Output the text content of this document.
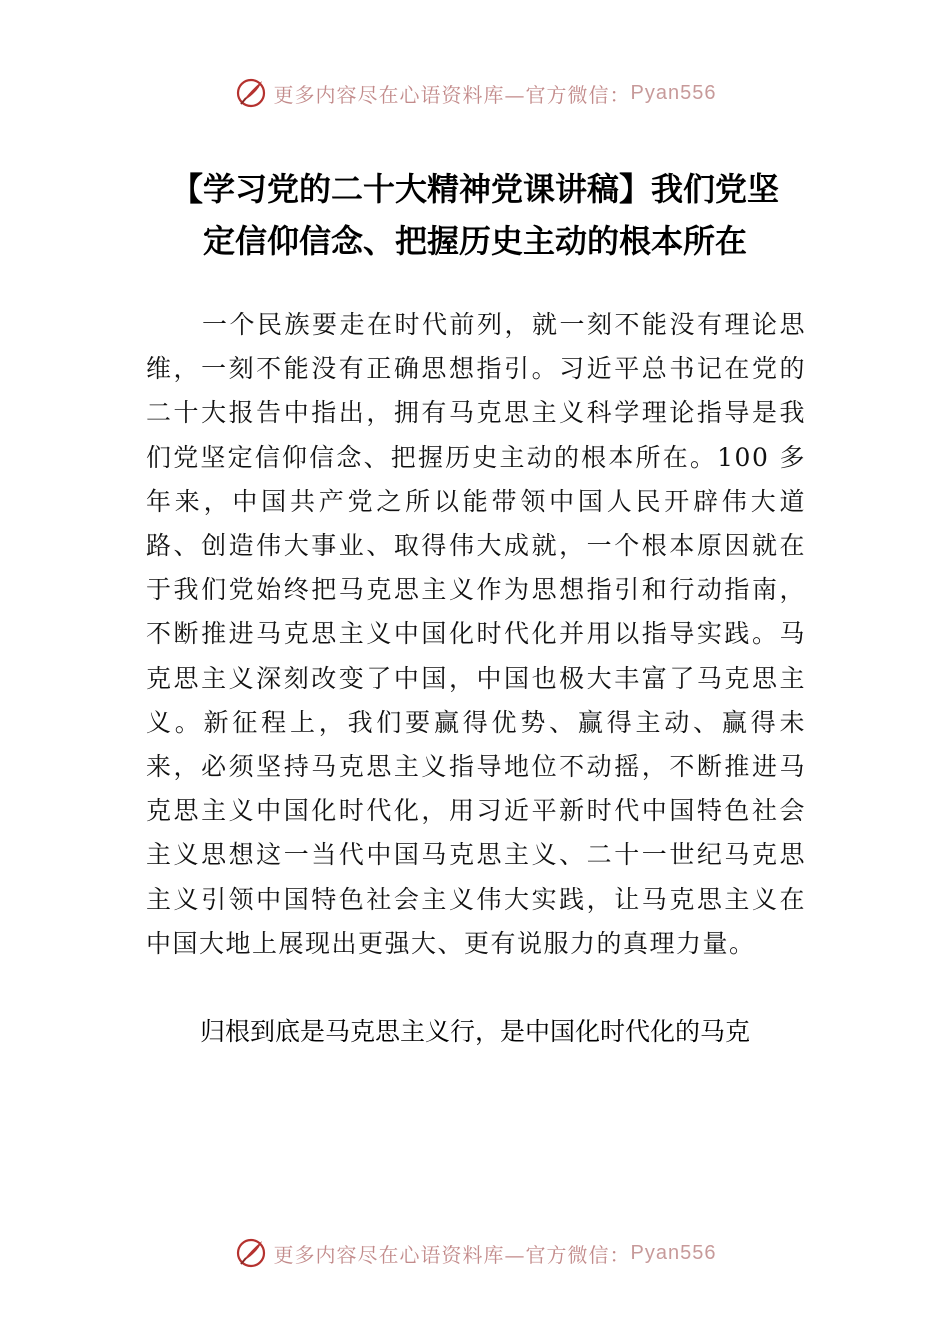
更多内容尽在心语资料库—官方微信： Pyan556
【学习党的二十大精神党课讲稿】我们党坚
定信仰信念、把握历史主动的根本所在

一个民族要走在时代前列，就一刻不能没有理论思维，一刻不能没有正确思想指引。习近平总书记在党的二十大报告中指出，拥有马克思主义科学理论指导是我们党坚定信仰信念、把握历史主动的根本所在。100 多年来，中国共产党之所以能带领中国人民开辟伟大道路、创造伟大事业、取得伟大成就，一个根本原因就在于我们党始终把马克思主义作为思想指引和行动指南，不断推进马克思主义中国化时代化并用以指导实践。马克思主义深刻改变了中国，中国也极大丰富了马克思主义。新征程上，我们要赢得优势、赢得主动、赢得未来，必须坚持马克思主义指导地位不动摇，不断推进马克思主义中国化时代化，用习近平新时代中国特色社会主义思想这一当代中国马克思主义、二十一世纪马克思主义引领中国特色社会主义伟大实践，让马克思主义在中国大地上展现出更强大、更有说服力的真理力量。

归根到底是马克思主义行，是中国化时代化的马克

更多内容尽在心语资料库—官方微信： Pyan556
